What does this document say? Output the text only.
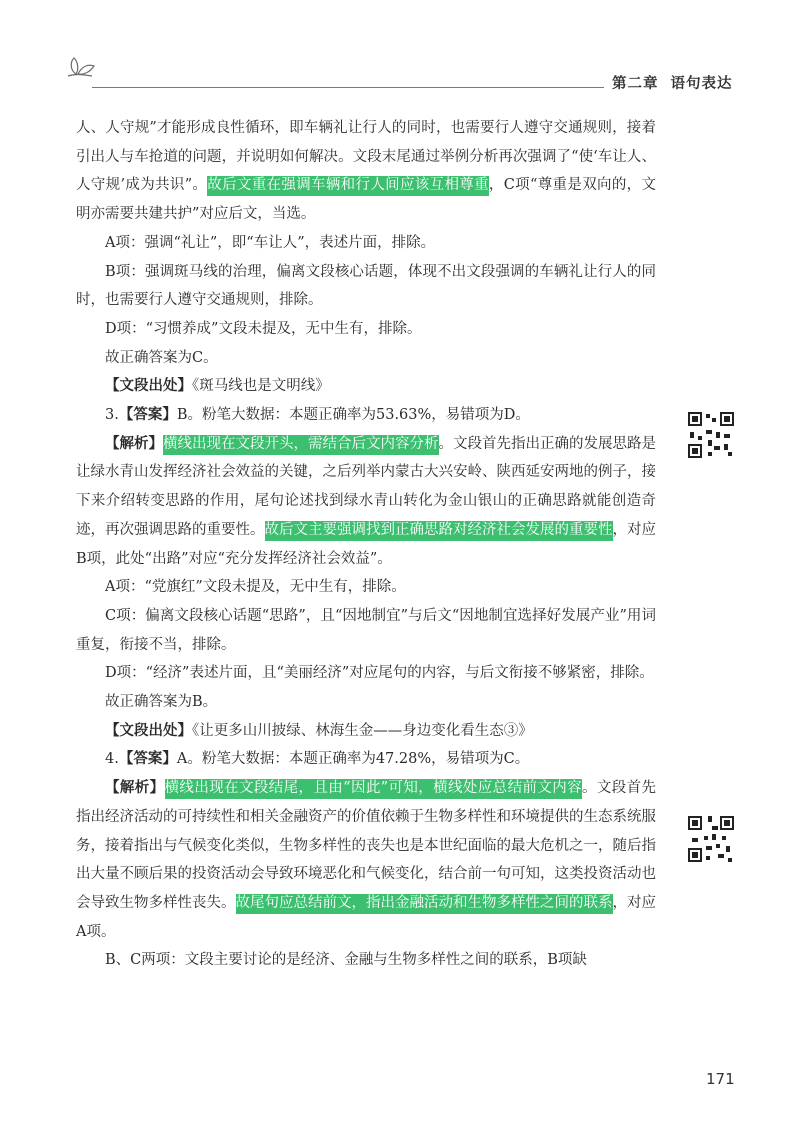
第二章 语句表达

人、人守规”才能形成良性循环，即车辆礼让行人的同时，也需要行人遵守交通规则，接着引出人与车抢道的问题，并说明如何解决。文段末尾通过举例分析再次强调了“使‘车让人、人守规’成为共识”。故后文重在强调车辆和行人间应该互相尊重，C项“尊重是双向的，文明亦需要共建共护”对应后文，当选。

A项：强调“礼让”，即“车让人”，表述片面，排除。

B项：强调斑马线的治理，偏离文段核心话题，体现不出文段强调的车辆礼让行人的同时，也需要行人遵守交通规则，排除。

D项：“习惯养成”文段未提及，无中生有，排除。

故正确答案为C。

【文段出处】《斑马线也是文明线》

3.【答案】B。粉笔大数据：本题正确率为53.63%，易错项为D。

【解析】横线出现在文段开头，需结合后文内容分析。文段首先指出正确的发展思路是让绿水青山发挥经济社会效益的关键，之后列举内蒙古大兴安岭、陕西延安两地的例子，接下来介绍转变思路的作用，尾句论述找到绿水青山转化为金山银山的正确思路就能创造奇迹，再次强调思路的重要性。故后文主要强调找到正确思路对经济社会发展的重要性，对应B项，此处“出路”对应“充分发挥经济社会效益”。

A项：“党旗红”文段未提及，无中生有，排除。

C项：偏离文段核心话题“思路”，且“因地制宜”与后文“因地制宜选择好发展产业”用词重复，衔接不当，排除。

D项：“经济”表述片面，且“美丽经济”对应尾句的内容，与后文衔接不够紧密，排除。

故正确答案为B。

【文段出处】《让更多山川披绿、林海生金——身边变化看生态③》

4.【答案】A。粉笔大数据：本题正确率为47.28%，易错项为C。

【解析】横线出现在文段结尾，且由“因此”可知，横线处应总结前文内容。文段首先指出经济活动的可持续性和相关金融资产的价值依赖于生物多样性和环境提供的生态系统服务，接着指出与气候变化类似，生物多样性的丧失也是本世纪面临的最大危机之一，随后指出大量不顾后果的投资活动会导致环境恶化和气候变化，结合前一句可知，这类投资活动也会导致生物多样性丧失。故尾句应总结前文，指出金融活动和生物多样性之间的联系，对应A项。

B、C两项：文段主要讨论的是经济、金融与生物多样性之间的联系，B项缺

171
